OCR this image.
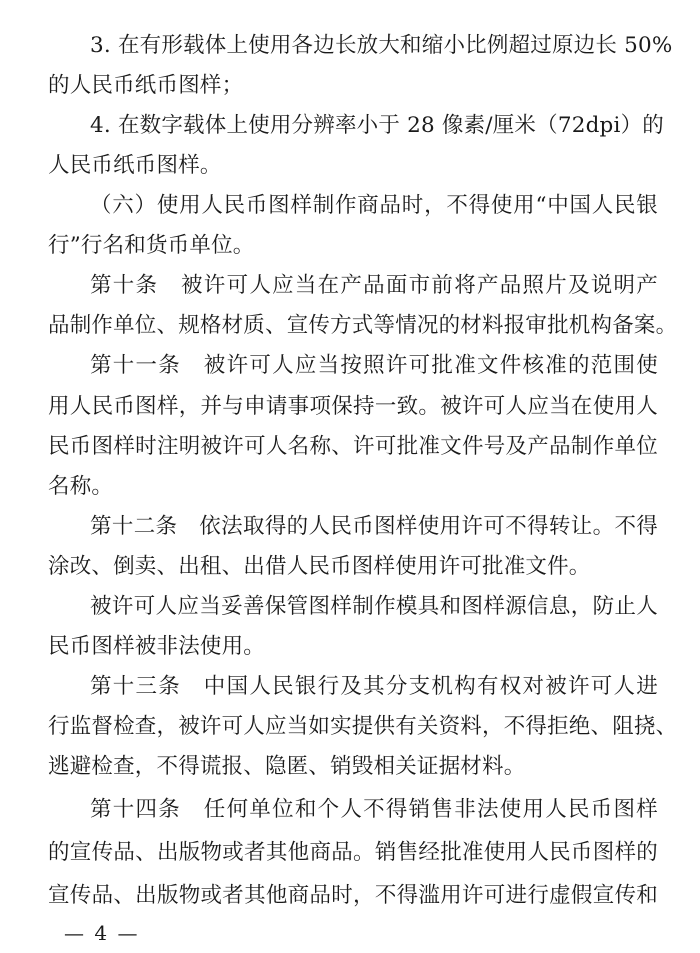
3. 在有形载体上使用各边长放大和缩小比例超过原边长 50%
的人民币纸币图样；
4. 在数字载体上使用分辨率小于 28 像素/厘米（72dpi）的
人民币纸币图样。
（六）使用人民币图样制作商品时，不得使用“中国人民银
行”行名和货币单位。
第十条　被许可人应当在产品面市前将产品照片及说明产
品制作单位、规格材质、宣传方式等情况的材料报审批机构备案。
第十一条　被许可人应当按照许可批准文件核准的范围使
用人民币图样，并与申请事项保持一致。被许可人应当在使用人
民币图样时注明被许可人名称、许可批准文件号及产品制作单位
名称。
第十二条　依法取得的人民币图样使用许可不得转让。不得
涂改、倒卖、出租、出借人民币图样使用许可批准文件。
被许可人应当妥善保管图样制作模具和图样源信息，防止人
民币图样被非法使用。
第十三条　中国人民银行及其分支机构有权对被许可人进
行监督检查，被许可人应当如实提供有关资料，不得拒绝、阻挠、
逃避检查，不得谎报、隐匿、销毁相关证据材料。
第十四条　任何单位和个人不得销售非法使用人民币图样
的宣传品、出版物或者其他商品。销售经批准使用人民币图样的
宣传品、出版物或者其他商品时，不得滥用许可进行虚假宣传和
— 4 —
